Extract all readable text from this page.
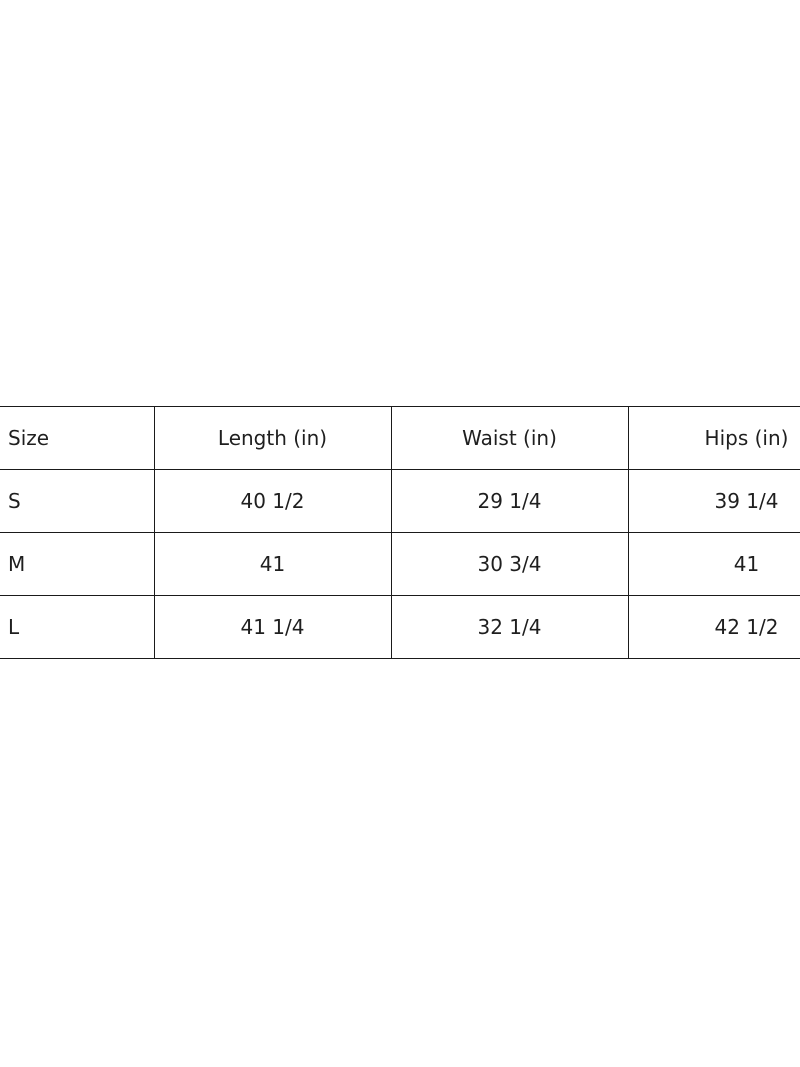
Size	Length (in)	Waist (in)	Hips (in)
S	40 1/2	29 1/4	39 1/4
M	41	30 3/4	41
L	41 1/4	32 1/4	42 1/2
